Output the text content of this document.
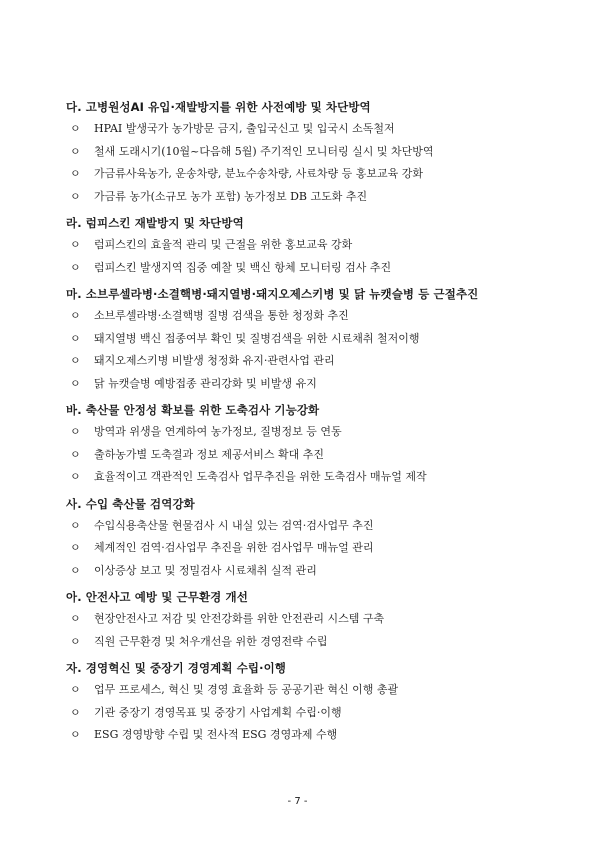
다. 고병원성AI 유입·재발방지를 위한 사전예방 및 차단방역
ㅇ	HPAI 발생국가 농가방문 금지, 출입국신고 및 입국시 소독철저
ㅇ	철새 도래시기(10월~다음해 5월) 주기적인 모니터링 실시 및 차단방역
ㅇ	가금류사육농가, 운송차량, 분뇨수송차량, 사료차량 등 홍보교육 강화
ㅇ	가금류 농가(소규모 농가 포함) 농가정보 DB 고도화 추진
라. 럼피스킨 재발방지 및 차단방역
ㅇ	럼피스킨의 효율적 관리 및 근절을 위한 홍보교육 강화
ㅇ	럼피스킨 발생지역 집중 예찰 및 백신 항체 모니터링 검사 추진
마. 소브루셀라병·소결핵병·돼지열병·돼지오제스키병 및 닭 뉴캣슬병 등 근절추진
ㅇ	소브루셀라병·소결핵병 질병 검색을 통한 청정화 추진
ㅇ	돼지열병 백신 접종여부 확인 및 질병검색을 위한 시료채취 철저이행
ㅇ	돼지오제스키병 비발생 청정화 유지·관련사업 관리
ㅇ	닭 뉴캣슬병 예방접종 관리강화 및 비발생 유지
바. 축산물 안정성 확보를 위한 도축검사 기능강화
ㅇ	방역과 위생을 연계하여 농가정보, 질병정보 등 연동
ㅇ	출하농가별 도축결과 정보 제공서비스 확대 추진
ㅇ	효율적이고 객관적인 도축검사 업무추진을 위한 도축검사 매뉴얼 제작
사. 수입 축산물 검역강화
ㅇ	수입식용축산물 현물검사 시 내실 있는 검역·검사업무 추진
ㅇ	체계적인 검역·검사업무 추진을 위한 검사업무 매뉴얼 관리
ㅇ	이상증상 보고 및 정밀검사 시료채취 실적 관리
아. 안전사고 예방 및 근무환경 개선
ㅇ	현장안전사고 저감 및 안전강화를 위한 안전관리 시스템 구축
ㅇ	직원 근무환경 및 처우개선을 위한 경영전략 수립
자. 경영혁신 및 중장기 경영계획 수립·이행
ㅇ	업무 프로세스, 혁신 및 경영 효율화 등 공공기관 혁신 이행 총괄
ㅇ	기관 중장기 경영목표 및 중장기 사업계획 수립·이행
ㅇ	ESG 경영방향 수립 및 전사적 ESG 경영과제 수행
- 7 -
